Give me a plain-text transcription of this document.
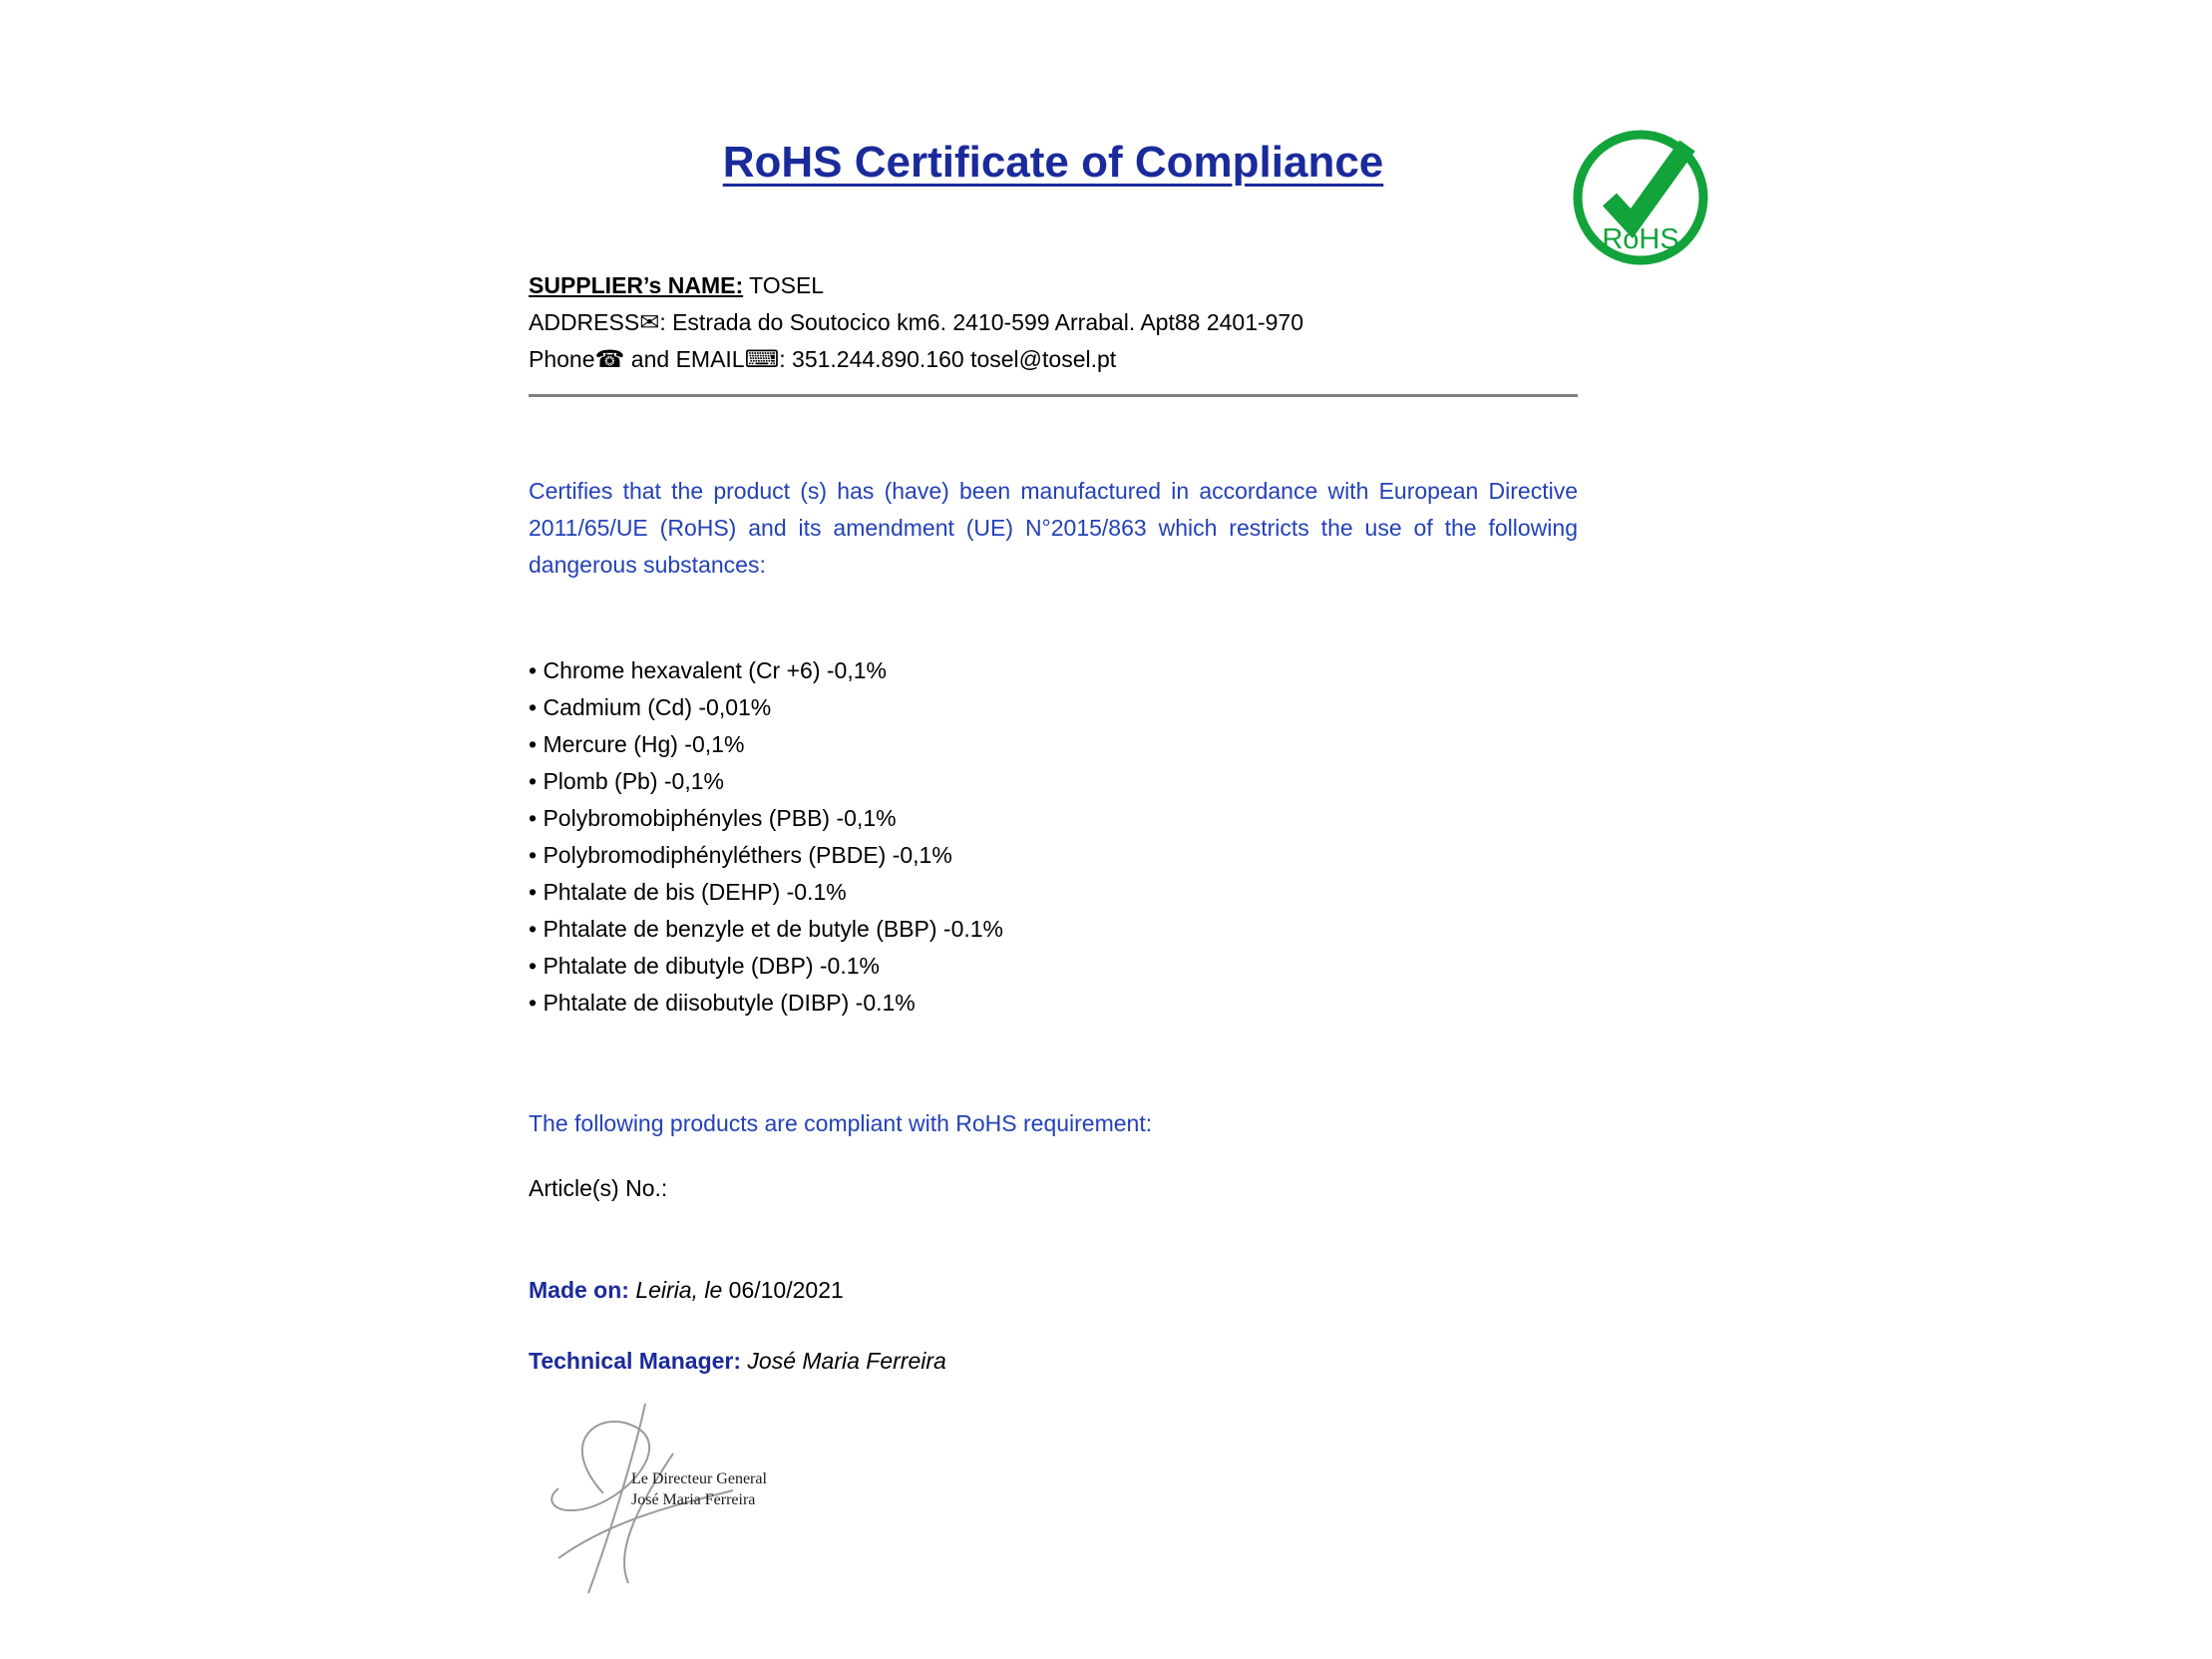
RoHS Certificate of Compliance
SUPPLIER’s NAME: TOSEL
ADDRESS✉: Estrada do Soutocico km6. 2410-599 Arrabal. Apt88 2401-970
Phone☎ and EMAIL⌨: 351.244.890.160 tosel@tosel.pt

Certifies that the product (s) has (have) been manufactured in accordance with European Directive 2011/65/UE (RoHS) and its amendment (UE) N°2015/863 which restricts the use of the following dangerous substances:

• Chrome hexavalent (Cr +6) -0,1%
• Cadmium (Cd) -0,01%
• Mercure (Hg) -0,1%
• Plomb (Pb) -0,1%
• Polybromobiphényles (PBB) -0,1%
• Polybromodiphényléthers (PBDE) -0,1%
• Phtalate de bis (DEHP) -0.1%
• Phtalate de benzyle et de butyle (BBP) -0.1%
• Phtalate de dibutyle (DBP) -0.1%
• Phtalate de diisobutyle (DIBP) -0.1%

The following products are compliant with RoHS requirement:

Article(s) No.:

Made on: Leiria, le 06/10/2021

Technical Manager: José Maria Ferreira

RoHS
Le Directeur General
José Maria Ferreira
